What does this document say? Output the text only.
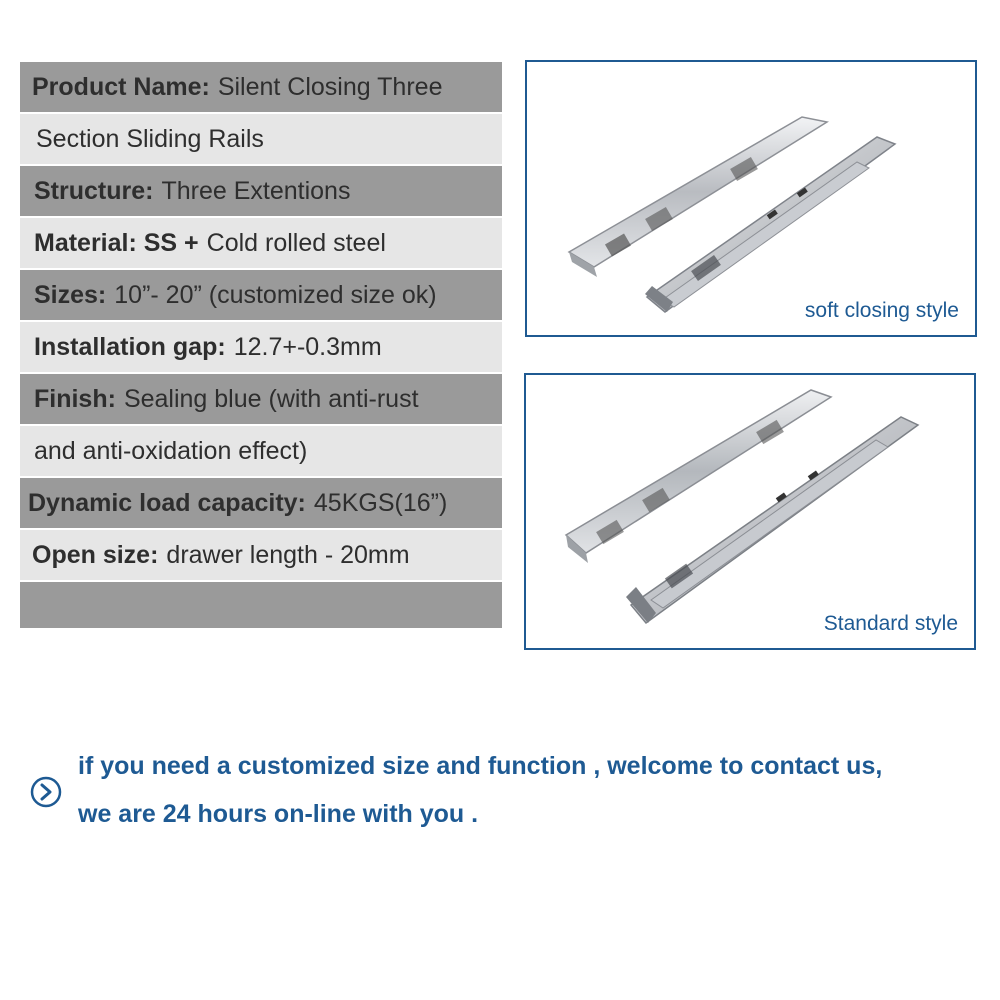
Product Name: Silent Closing Three
Section Sliding Rails
Structure: Three Extentions
Material: SS + Cold rolled steel
Sizes: 10”- 20” (customized size ok)
Installation gap: 12.7+-0.3mm
Finish: Sealing blue (with anti-rust
and anti-oxidation effect)
Dynamic load capacity: 45KGS(16”)
Open size: drawer length - 20mm
soft closing style
Standard style
if you need a customized size and function , welcome to contact us,
we are 24 hours on-line with you .
